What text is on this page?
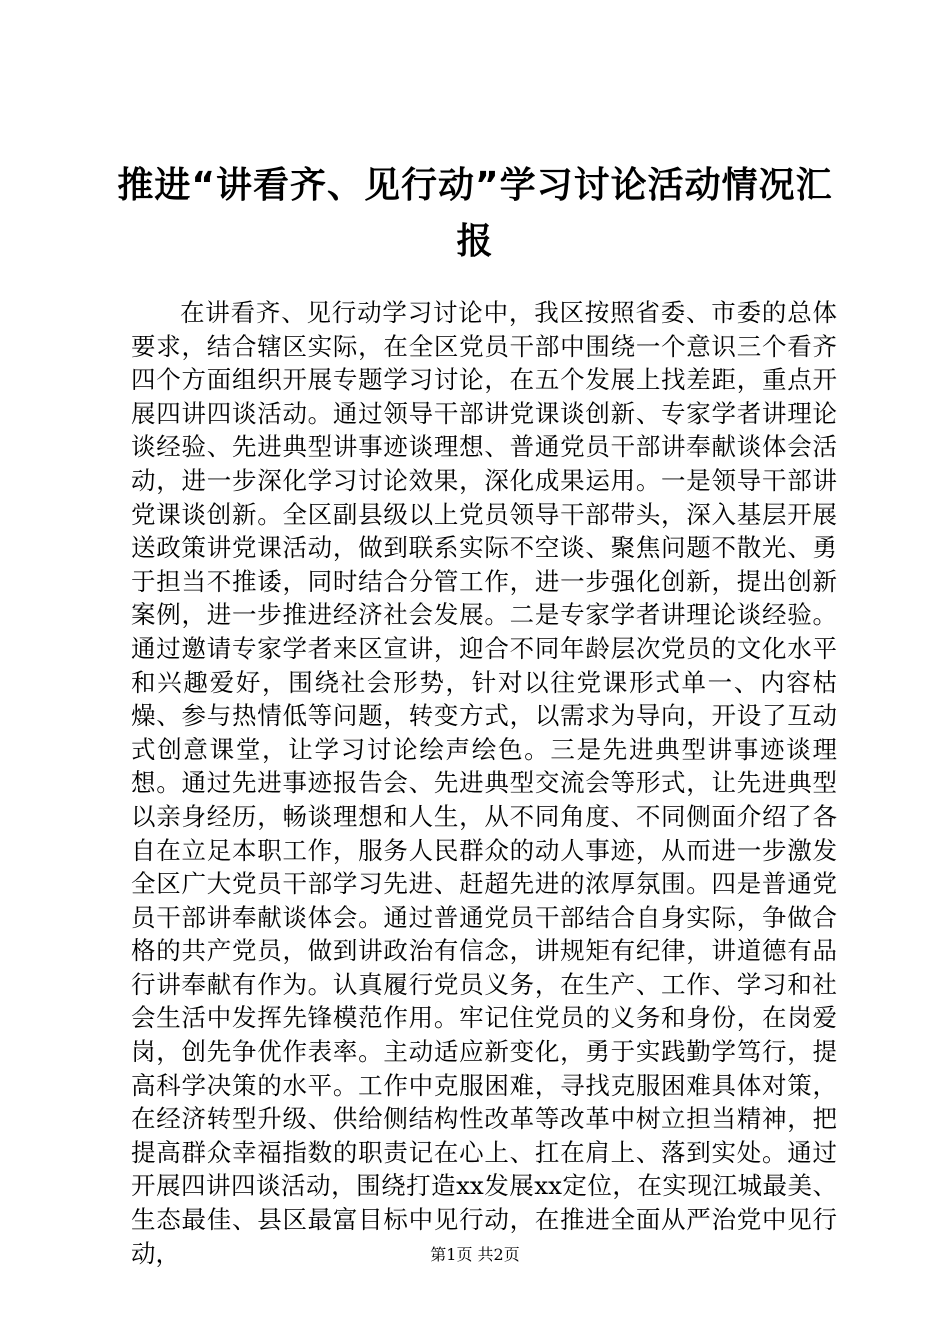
推进“讲看齐、见行动”学习讨论活动情况汇报

在讲看齐、见行动学习讨论中，我区按照省委、市委的总体要求，结合辖区实际，在全区党员干部中围绕一个意识三个看齐四个方面组织开展专题学习讨论，在五个发展上找差距，重点开展四讲四谈活动。通过领导干部讲党课谈创新、专家学者讲理论谈经验、先进典型讲事迹谈理想、普通党员干部讲奉献谈体会活动，进一步深化学习讨论效果，深化成果运用。一是领导干部讲党课谈创新。全区副县级以上党员领导干部带头，深入基层开展送政策讲党课活动，做到联系实际不空谈、聚焦问题不散光、勇于担当不推诿，同时结合分管工作，进一步强化创新，提出创新案例，进一步推进经济社会发展。二是专家学者讲理论谈经验。通过邀请专家学者来区宣讲，迎合不同年龄层次党员的文化水平和兴趣爱好，围绕社会形势，针对以往党课形式单一、内容枯燥、参与热情低等问题，转变方式，以需求为导向，开设了互动式创意课堂，让学习讨论绘声绘色。三是先进典型讲事迹谈理想。通过先进事迹报告会、先进典型交流会等形式，让先进典型以亲身经历，畅谈理想和人生，从不同角度、不同侧面介绍了各自在立足本职工作，服务人民群众的动人事迹，从而进一步激发全区广大党员干部学习先进、赶超先进的浓厚氛围。四是普通党员干部讲奉献谈体会。通过普通党员干部结合自身实际，争做合格的共产党员，做到讲政治有信念，讲规矩有纪律，讲道德有品行讲奉献有作为。认真履行党员义务，在生产、工作、学习和社会生活中发挥先锋模范作用。牢记住党员的义务和身份，在岗爱岗，创先争优作表率。主动适应新变化，勇于实践勤学笃行，提高科学决策的水平。工作中克服困难，寻找克服困难具体对策，在经济转型升级、供给侧结构性改革等改革中树立担当精神，把提高群众幸福指数的职责记在心上、扛在肩上、落到实处。通过开展四讲四谈活动，围绕打造xx发展xx定位，在实现江城最美、生态最佳、县区最富目标中见行动，在推进全面从严治党中见行动，	第1页 共2页
